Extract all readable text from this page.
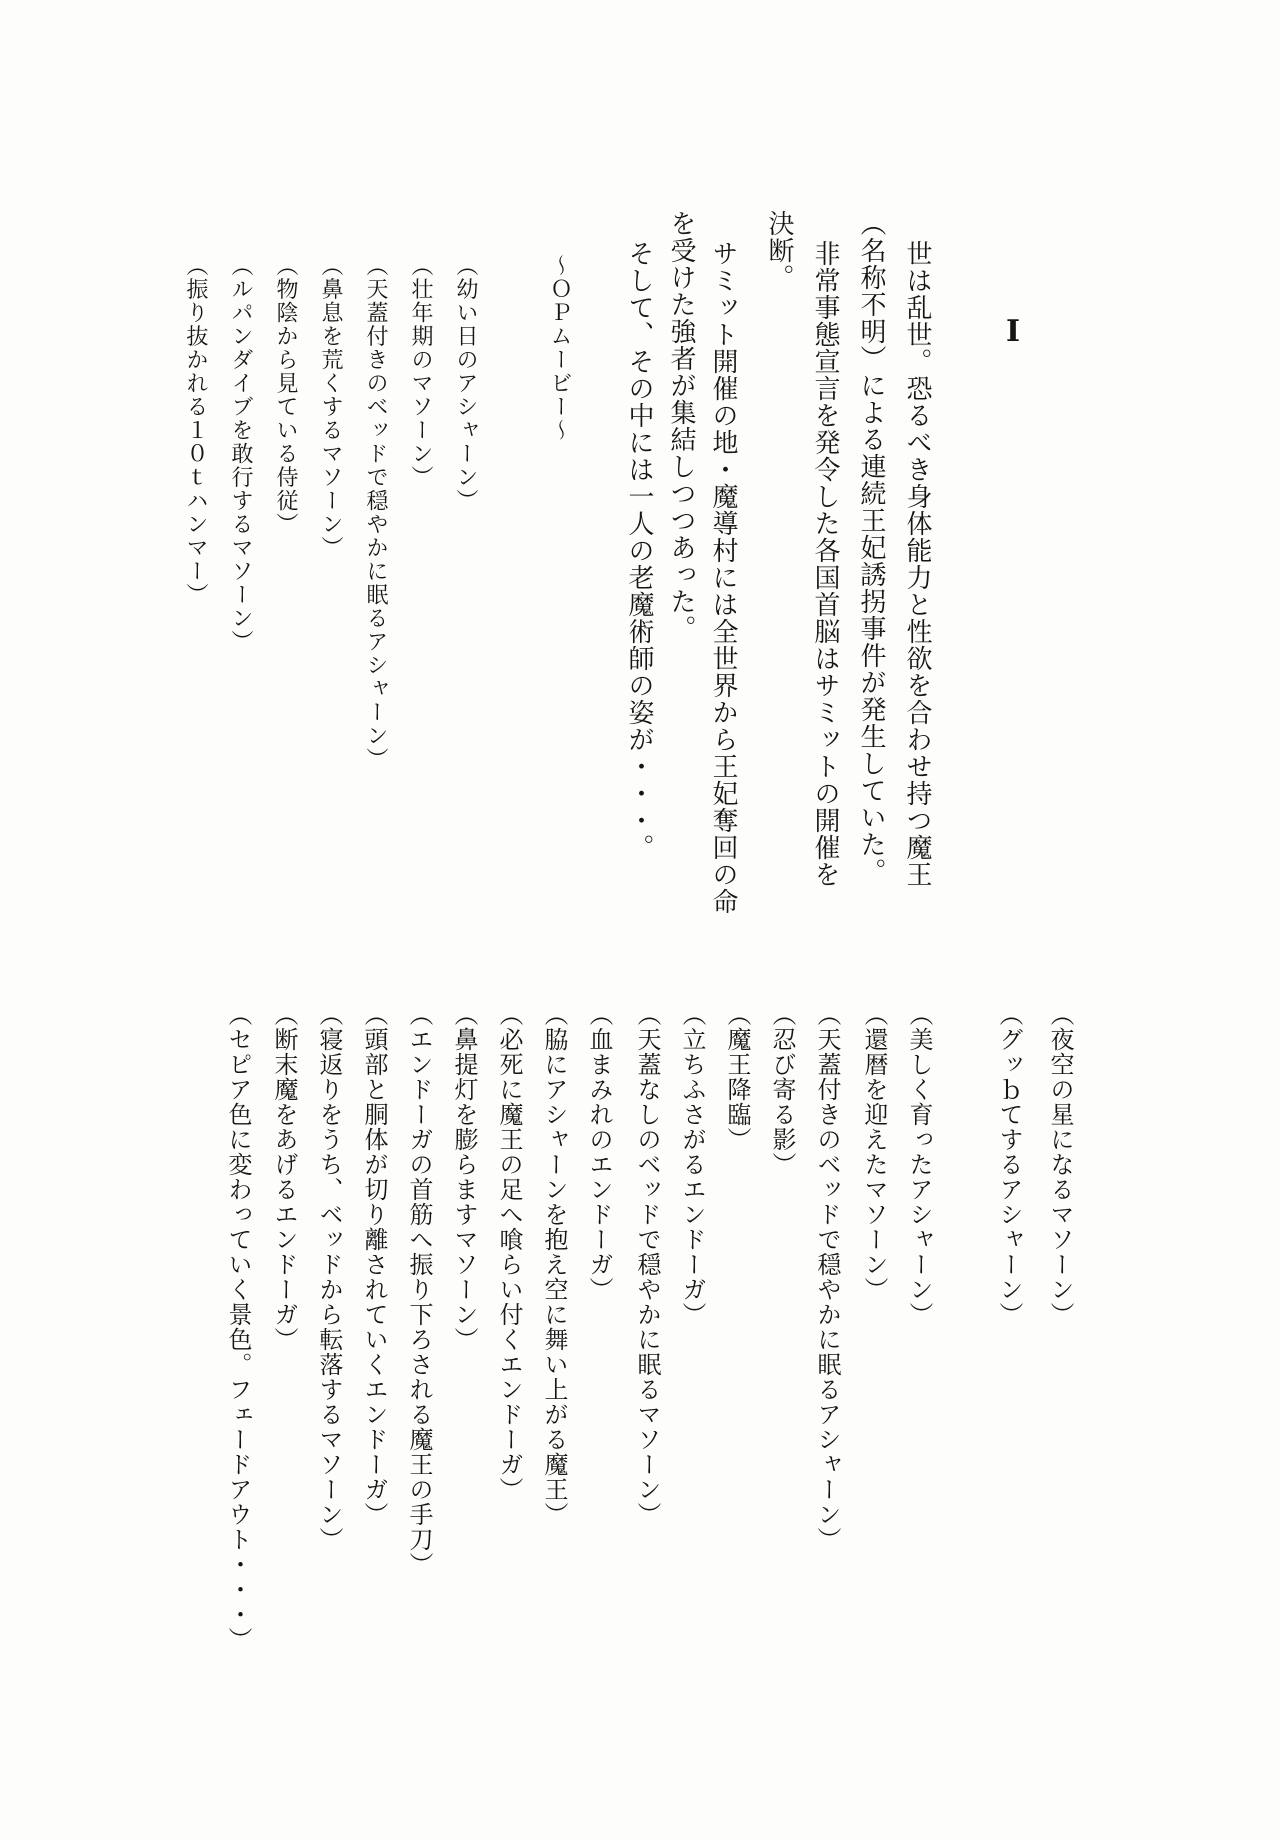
I
世は乱世。恐るべき身体能力と性欲を合わせ持つ魔王
（名称不明）による連続王妃誘拐事件が発生していた。
非常事態宣言を発令した各国首脳はサミットの開催を
決断。
サミット開催の地・魔導村には全世界から王妃奪回の命
を受けた強者が集結しつつあった。
そして、その中には一人の老魔術師の姿が・・・。
〜ＯＰムービー〜
（幼い日のアシャーン）
（壮年期のマソーン）
（天蓋付きのベッドで穏やかに眠るアシャーン）
（鼻息を荒くするマソーン）
（物陰から見ている侍従）
（ルパンダイブを敢行するマソーン）
（振り抜かれる１０ｔハンマー）
（夜空の星になるマソーン）
（グッｂてするアシャーン）
（美しく育ったアシャーン）
（還暦を迎えたマソーン）
（天蓋付きのベッドで穏やかに眠るアシャーン）
（忍び寄る影）
（魔王降臨）
（立ちふさがるエンドーガ）
（天蓋なしのベッドで穏やかに眠るマソーン）
（血まみれのエンドーガ）
（脇にアシャーンを抱え空に舞い上がる魔王）
（必死に魔王の足へ喰らい付くエンドーガ）
（鼻提灯を膨らますマソーン）
（エンドーガの首筋へ振り下ろされる魔王の手刀）
（頭部と胴体が切り離されていくエンドーガ）
（寝返りをうち、ベッドから転落するマソーン）
（断末魔をあげるエンドーガ）
（セピア色に変わっていく景色。フェードアウト・・・）
